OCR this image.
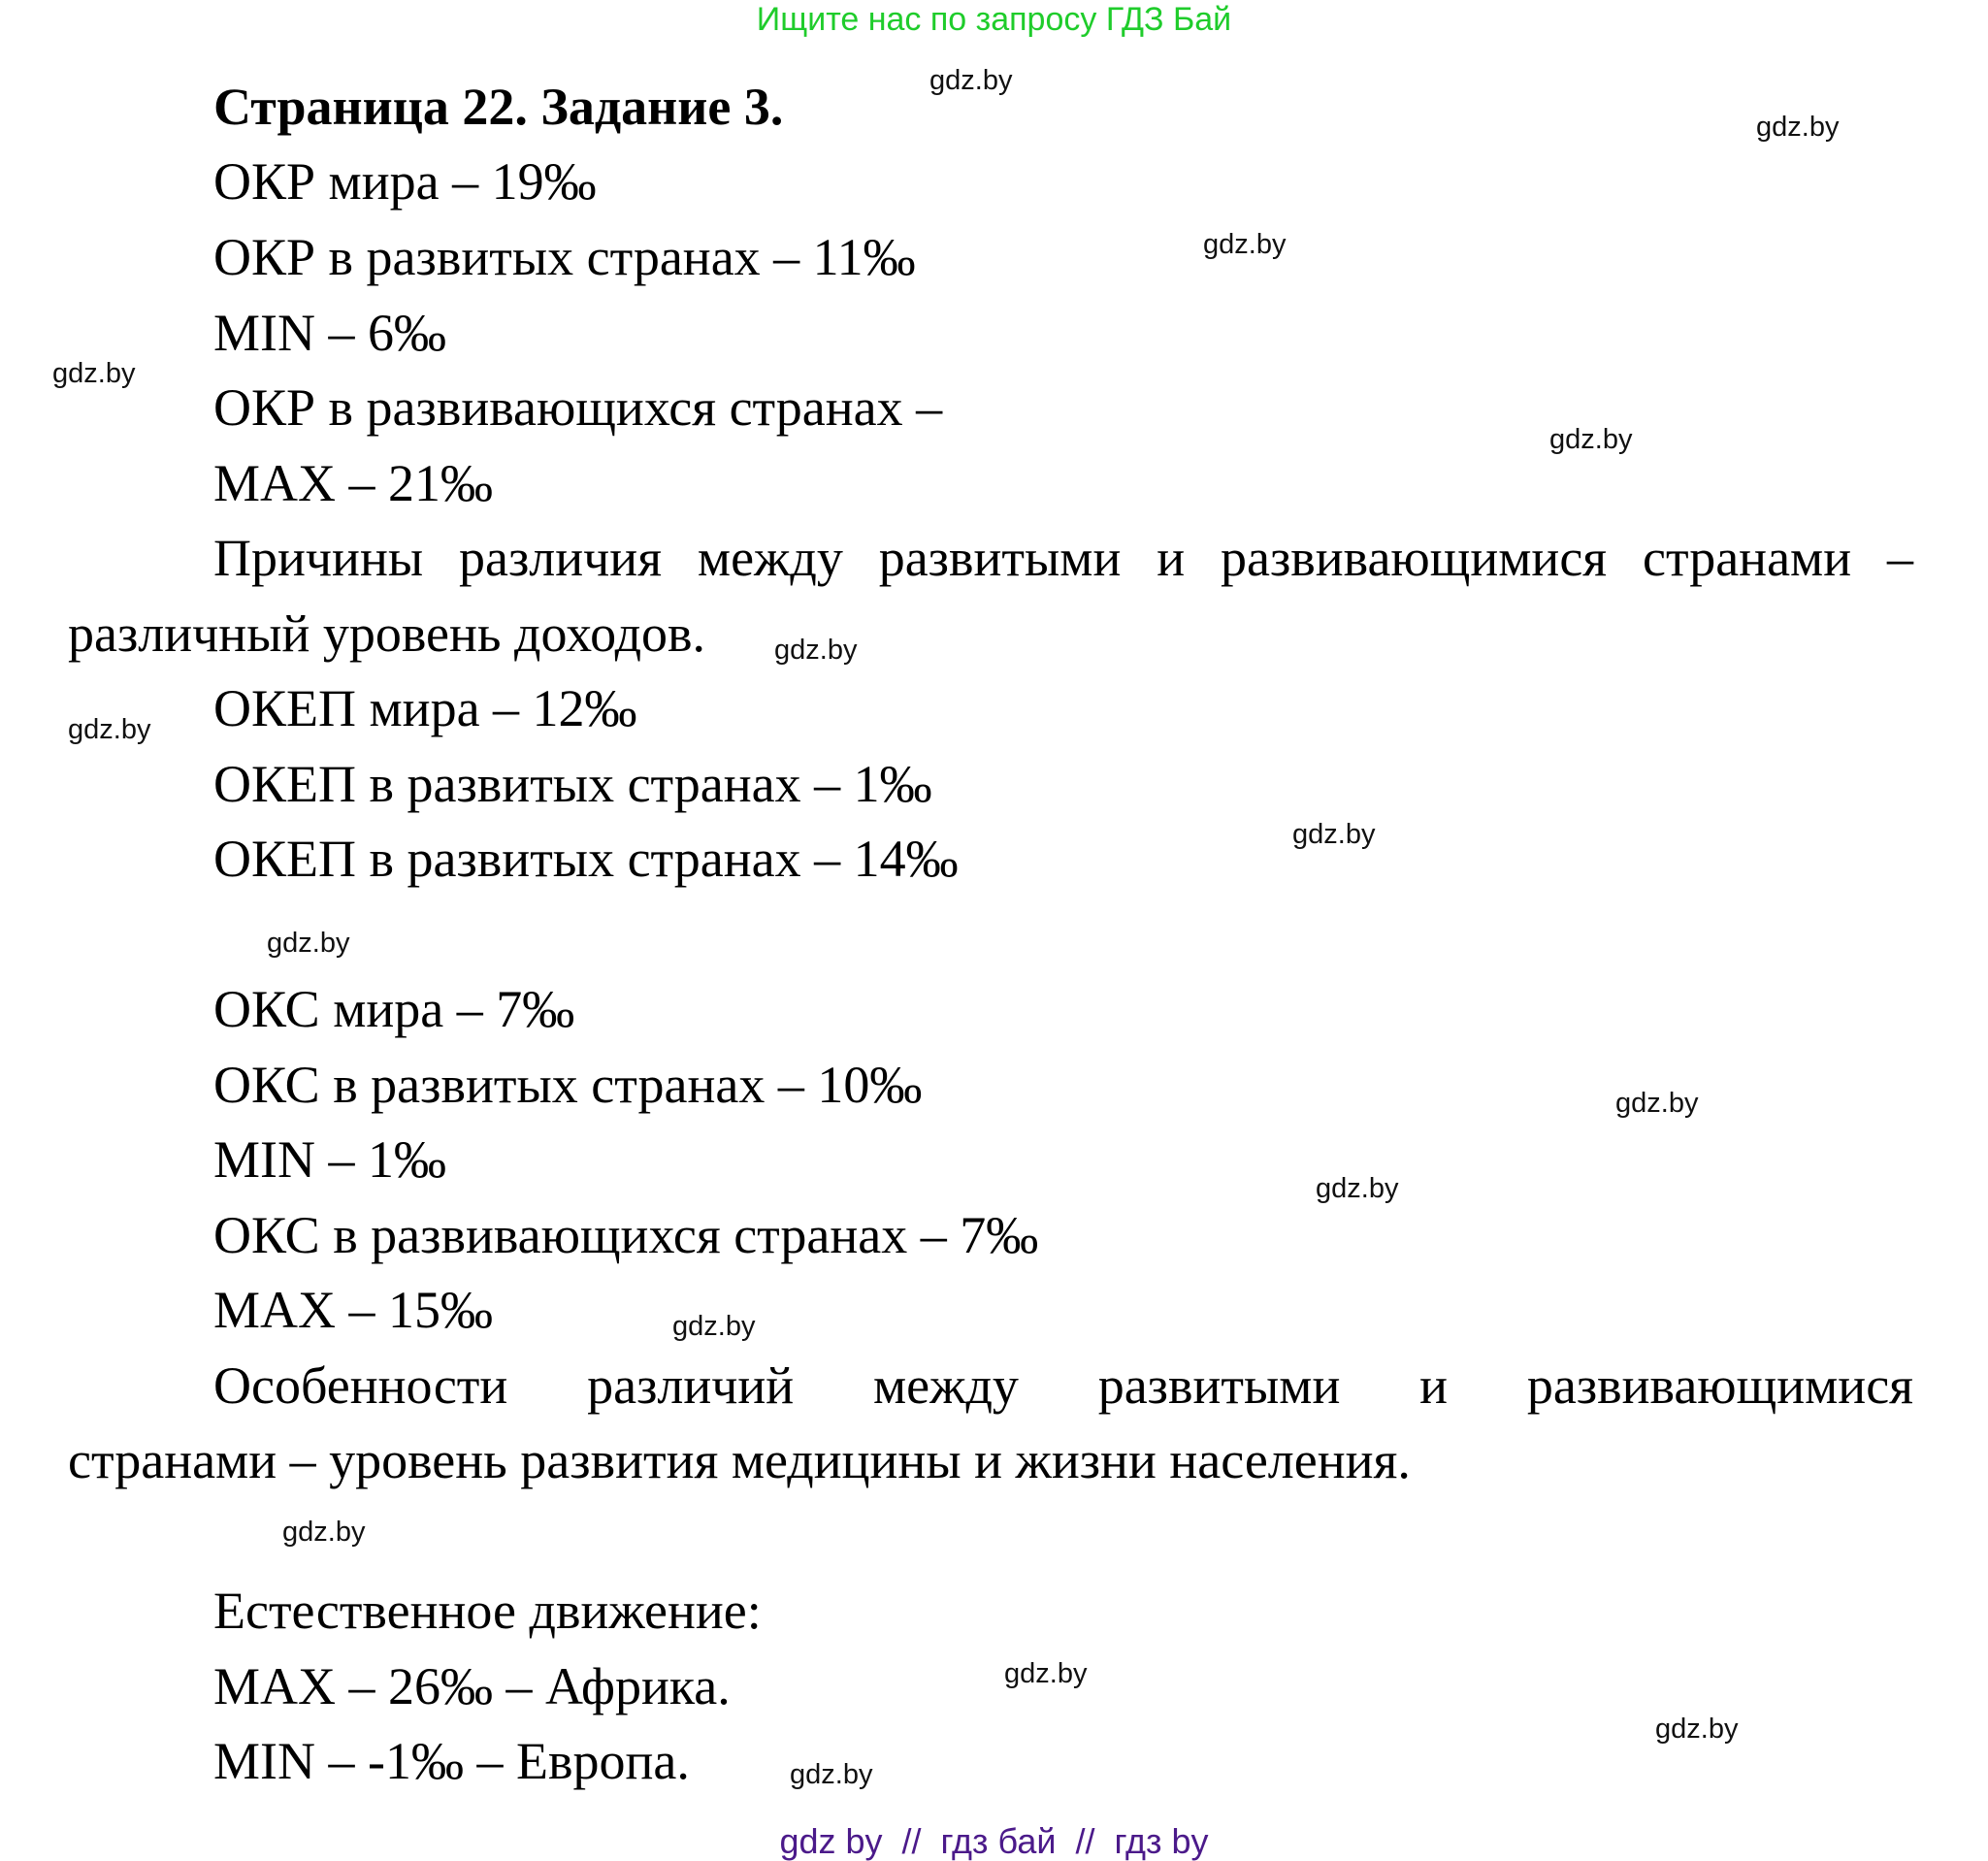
Ищите нас по запросу ГДЗ Бай
Страница 22. Задание 3.
ОКР мира – 19‰
ОКР в развитых странах – 11‰
MIN – 6‰
ОКР в развивающихся странах –
MAX – 21‰
Причины различия между развитыми и развивающимися странами –
различный уровень доходов.
ОКЕП мира – 12‰
ОКЕП в развитых странах – 1‰
ОКЕП в развитых странах – 14‰
ОКС мира – 7‰
ОКС в развитых странах – 10‰
MIN – 1‰
ОКС в развивающихся странах – 7‰
MAX – 15‰
Особенности различий между развитыми и развивающимися
странами – уровень развития медицины и жизни населения.
Естественное движение:
MAX – 26‰ – Африка.
MIN – -1‰ – Европа.
gdz.by
gdz.by
gdz.by
gdz.by
gdz.by
gdz.by
gdz.by
gdz.by
gdz.by
gdz.by
gdz.by
gdz.by
gdz.by
gdz.by
gdz.by
gdz.by
gdz by  //  гдз бай  //  гдз by
